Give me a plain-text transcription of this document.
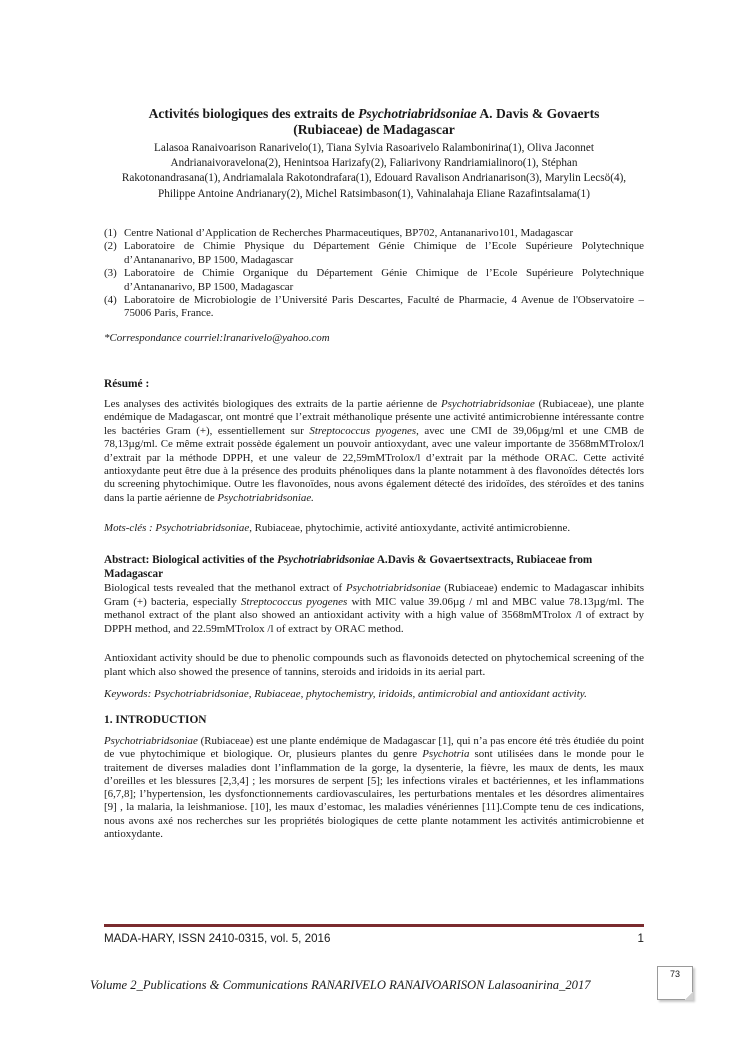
Activités biologiques des extraits de Psychotriabridsoniae A. Davis & Govaerts
(Rubiaceae) de Madagascar
Lalasoa Ranaivoarison Ranarivelo(1), Tiana Sylvia Rasoarivelo Ralambonirina(1), Oliva Jaconnet
Andrianaivoravelona(2), Henintsoa Harizafy(2), Faliarivony Randriamialinoro(1), Stéphan
Rakotonandrasana(1), Andriamalala Rakotondrafara(1), Edouard Ravalison Andrianarison(3), Marylin Lecsö(4),
Philippe Antoine Andrianary(2), Michel Ratsimbason(1), Vahinalahaja Eliane Razafintsalama(1)
(1) Centre National d’Application de Recherches Pharmaceutiques, BP702, Antananarivo101, Madagascar
(2) Laboratoire de Chimie Physique du Département Génie Chimique de l’Ecole Supérieure Polytechnique d’Antananarivo, BP 1500, Madagascar
(3) Laboratoire de Chimie Organique du Département Génie Chimique de l’Ecole Supérieure Polytechnique d’Antananarivo, BP 1500, Madagascar
(4) Laboratoire de Microbiologie de l’Université Paris Descartes, Faculté de Pharmacie, 4 Avenue de l'Observatoire – 75006 Paris, France.
*Correspondance courriel:lranarivelo@yahoo.com
Résumé :
Les analyses des activités biologiques des extraits de la partie aérienne de Psychotriabridsoniae (Rubiaceae), une plante endémique de Madagascar, ont montré que l’extrait méthanolique présente une activité antimicrobienne intéressante contre les bactéries Gram (+), essentiellement sur Streptococcus pyogenes, avec une CMI de 39,06µg/ml et une CMB de 78,13µg/ml. Ce même extrait possède également un pouvoir antioxydant, avec une valeur importante de 3568mMTrolox/l d’extrait par la méthode DPPH, et une valeur de 22,59mMTrolox/l d’extrait par la méthode ORAC. Cette activité antioxydante peut être due à la présence des produits phénoliques dans la plante notamment à des flavonoïdes détectés lors du screening phytochimique. Outre les flavonoïdes, nous avons également détecté des iridoïdes, des stéroïdes et des tanins dans la partie aérienne de Psychotriabridsoniae.
Mots-clés : Psychotriabridsoniae, Rubiaceae, phytochimie, activité antioxydante, activité antimicrobienne.
Abstract: Biological activities of the Psychotriabridsoniae A.Davis & Govaertsextracts, Rubiaceae from Madagascar
Biological tests revealed that the methanol extract of Psychotriabridsoniae (Rubiaceae) endemic to Madagascar inhibits Gram (+) bacteria, especially Streptococcus pyogenes with MIC value 39.06µg / ml and MBC value 78.13µg/ml. The methanol extract of the plant also showed an antioxidant activity with a high value of 3568mMTrolox /l of extract by DPPH method, and 22.59mMTrolox /l of extract by ORAC method.
Antioxidant activity should be due to phenolic compounds such as flavonoids detected on phytochemical screening of the plant which also showed the presence of tannins, steroids and iridoids in its aerial part.
Keywords: Psychotriabridsoniae, Rubiaceae, phytochemistry, iridoids, antimicrobial and antioxidant activity.
1. INTRODUCTION
Psychotriabridsoniae (Rubiaceae) est une plante endémique de Madagascar [1], qui n’a pas encore été très étudiée du point de vue phytochimique et biologique. Or, plusieurs plantes du genre Psychotria sont utilisées dans le monde pour le traitement de diverses maladies dont l’inflammation de la gorge, la dysenterie, la fièvre, les maux de dents, les maux d’oreilles et les blessures [2,3,4] ; les morsures de serpent [5]; les infections virales et bactériennes, et les inflammations [6,7,8]; l’hypertension, les dysfonctionnements cardiovasculaires, les perturbations mentales et les désordres alimentaires [9] , la malaria, la leishmaniose. [10], les maux d’estomac, les maladies vénériennes [11].Compte tenu de ces indications, nous avons axé nos recherches sur les propriétés biologiques de cette plante notamment les activités antimicrobienne et antioxydante.
MADA-HARY, ISSN 2410-0315, vol. 5, 2016	1
Volume 2_Publications & Communications RANARIVELO RANAIVOARISON Lalasoanirina_2017
73
